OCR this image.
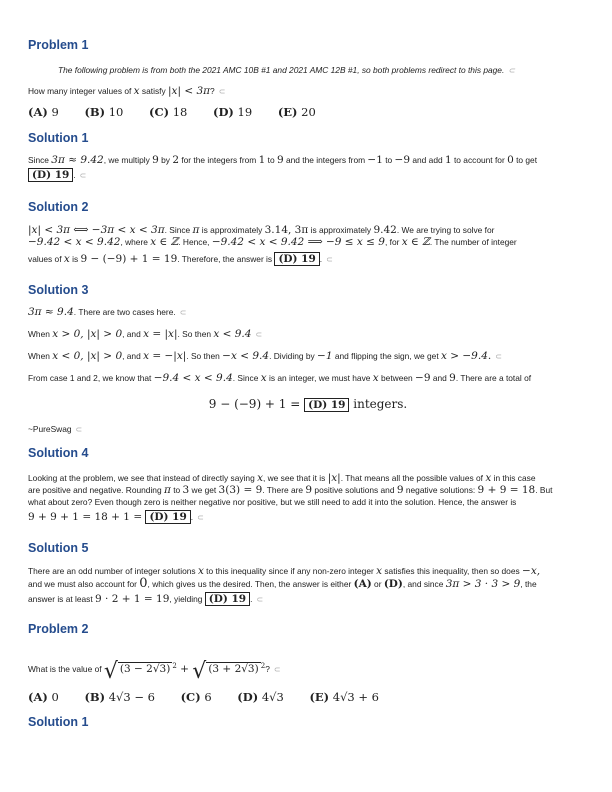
Problem 1
The following problem is from both the 2021 AMC 10B #1 and 2021 AMC 12B #1, so both problems redirect to this page. ⊂
How many integer values of x satisfy |x| < 3π? ⊂
(A) 9 (B) 10 (C) 18 (D) 19 (E) 20
Solution 1
Since 3π ≈ 9.42, we multiply 9 by 2 for the integers from 1 to 9 and the integers from −1 to −9 and add 1 to account for 0 to get
(D) 19 . ⊂
Solution 2
|x| < 3π ⟺ −3π < x < 3π. Since π is approximately 3.14, 3π is approximately 9.42. We are trying to solve for
−9.42 < x < 9.42, where x ∈ ℤ. Hence, −9.42 < x < 9.42 ⟹ −9 ≤ x ≤ 9, for x ∈ ℤ. The number of integer
values of x is 9 − (−9) + 1 = 19. Therefore, the answer is (D) 19 . ⊂
Solution 3
3π ≈ 9.4. There are two cases here. ⊂
When x > 0, |x| > 0, and x = |x|. So then x < 9.4 ⊂
When x < 0, |x| > 0, and x = −|x|. So then −x < 9.4. Dividing by −1 and flipping the sign, we get x > −9.4. ⊂
From case 1 and 2, we know that −9.4 < x < 9.4. Since x is an integer, we must have x between −9 and 9. There are a total of
9 − (−9) + 1 = (D) 19 integers.
~PureSwag ⊂
Solution 4
Looking at the problem, we see that instead of directly saying x, we see that it is |x|. That means all the possible values of x in this case
are positive and negative. Rounding π to 3 we get 3(3) = 9. There are 9 positive solutions and 9 negative solutions: 9 + 9 = 18. But
what about zero? Even though zero is neither negative nor positive, but we still need to add it into the solution. Hence, the answer is
9 + 9 + 1 = 18 + 1 = (D) 19 . ⊂
Solution 5
There are an odd number of integer solutions x to this inequality since if any non-zero integer x satisfies this inequality, then so does −x,
and we must also account for 0, which gives us the desired. Then, the answer is either (A) or (D), and since 3π > 3 · 3 > 9, the
answer is at least 9 · 2 + 1 = 19, yielding (D) 19 . ⊂
Problem 2
What is the value of √ (3 − 2√3) $^2$ + √ (3 + 2√3) $^2$? ⊂
(A) 0 (B) 4√3 − 6 (C) 6 (D) 4√3 (E) 4√3 + 6
Solution 1
